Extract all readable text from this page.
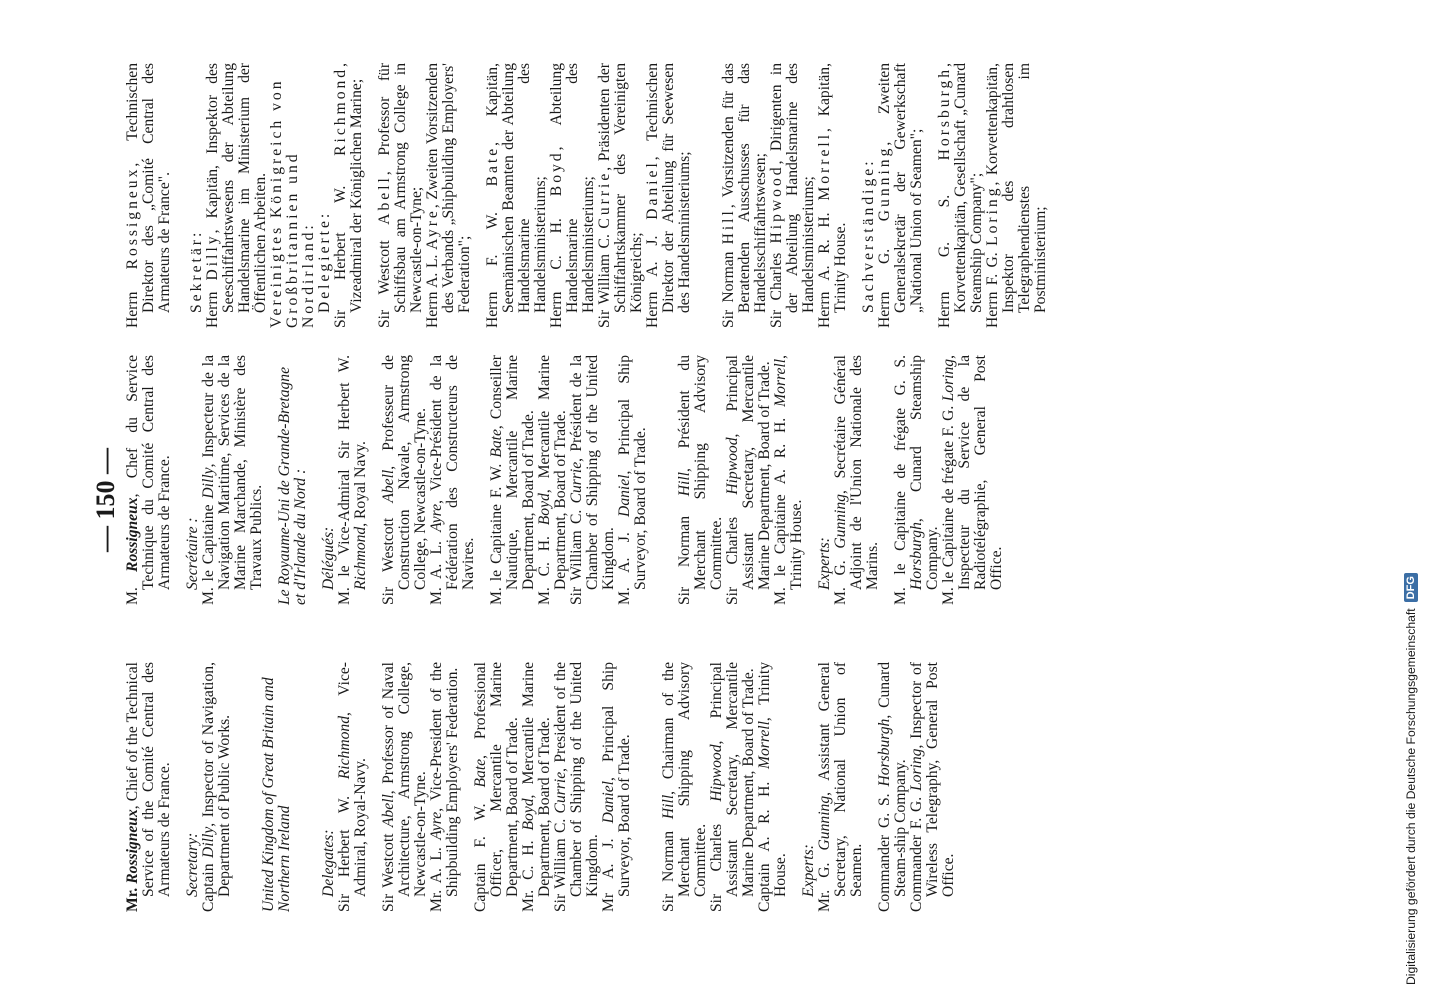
— 150 —

Mr. Rossigneux, Chief of the Technical Service of the Comité Central des Armateurs de France. Secretary: Captain Dilly, Inspector of Navigation, Department of Public Works. United Kingdom of Great Britain and Northern Ireland Delegates: Sir Herbert W. Richmond, Vice-Admiral, Royal-Navy. Sir Westcott Abell, Professor of Naval Architecture, Armstrong College, Newcastle-on-Tyne. Mr. A. L. Ayre, Vice-President of the Shipbuilding Employers' Federation. Captain F. W. Bate, Professional Officer, Mercantile Marine Department, Board of Trade. Mr. C. H. Boyd, Mercantile Marine Department, Board of Trade. Sir William C. Currie, President of the Chamber of Shipping of the United Kingdom. Mr A. J. Daniel, Principal Ship Surveyor, Board of Trade. Sir Norman Hill, Chairman of the Merchant Shipping Advisory Committee. Sir Charles Hipwood, Principal Assistant Secretary, Mercantile Marine Department, Board of Trade. Captain A. R. H. Morrell, Trinity House. Experts: Mr. G. Gunning, Assistant General Secretary, National Union of Seamen. Commander G. S. Horsburgh, Cunard Steam-ship Company. Commander F. G. Loring, Inspector of Wireless Telegraphy, General Post Office.

M. Rossigneux, Chef du Service Technique du Comité Central des Armateurs de France. Secrétaire : M. le Capitaine Dilly, Inspecteur de la Navigation Maritime, Services de la Marine Marchande, Ministère des Travaux Publics. Le Royaume-Uni de Grande-Bretagne et d'Irlande du Nord : Délégués: M. le Vice-Admiral Sir Herbert W. Richmond, Royal Navy.

Sir Westcott Abell, Professeur de Construction Navale, Armstrong College, Newcastle-on-Tyne. M. A. L. Ayre, Vice-Président de la Fédération des Constructeurs de Navires. M. le Capitaine F. W. Bate, Conseiller Nautique, Mercantile Marine Department, Board of Trade. M. C. H. Boyd, Mercantile Marine Department, Board of Trade. Sir William C. Currie, Président de la Chamber of Shipping of the United Kingdom. M. A. J. Daniel, Principal Ship Surveyor, Board of Trade. Sir Norman Hill, Président du Merchant Shipping Advisory Committee. Sir Charles Hipwood, Principal Assistant Secretary, Mercantile Marine Department, Board of Trade. M. le Capitaine A. R. H. Morrell, Trinity House. Experts: M. G. Gunning, Secrétaire Général Adjoint de l'Union Nationale des Marins. M. le Capitaine de frégate G. S. Horsburgh, Cunard Steamship Company. M. le Capitaine de frégate F. G. Loring, Inspecteur du Service de la Radiotélégraphie, General Post Office.

Herrn Rossigneux, Technischen Direktor des „Comité Central des Armateurs de France". Sekretär: Herrn Dilly, Kapitän, Inspektor des Seeschiffahrtswesens der Abteilung Handelsmarine im Ministerium der Öffentlichen Arbeiten. Vereinigtes Königreich von Großbritannien und Nordirland: Delegierte: Sir Herbert W. Richmond, Vizeadmiral der Königlichen Marine; Sir Westcott Abell, Professor für Schiffsbau am Armstrong College in Newcastle-on-Tyne; Herrn A. L. Ayre, Zweiten Vorsitzenden des Verbands „Shipbuilding Employers' Federation"; Herrn F. W. Bate, Kapitän, Seemännischen Beamten der Abteilung Handelsmarine des Handelsministeriums; Herrn C. H. Boyd, Abteilung Handelsmarine des Handelsministeriums; Sir William C. Currie, Präsidenten der Schiffahrtskammer des Vereinigten Königreichs; Herrn A. J. Daniel, Technischen Direktor der Abteilung für Seewesen des Handelsministeriums; Sir Norman Hill, Vorsitzenden für das Beratenden Ausschusses für das Handelsschiffahrtswesen; Sir Charles Hipwood, Dirigenten in der Abteilung Handelsmarine des Handelsministeriums; Herrn A. R. H. Morrell, Kapitän, Trinity House. Sachverständige: Herrn G. Gunning, Zweiten Generalsekretär der Gewerkschaft „National Union of Seamen"; Herrn G. S. Horsburgh, Korvettenkapitän, Gesellschaft „Cunard Steamship Company"; Herrn F. G. Loring, Korvettenkapitän, Inspektor des drahtlosen Telegraphendienstes im Postministerium;

Digitalisierung gefördert durch die Deutsche Forschungsgemeinschaft
DFG
